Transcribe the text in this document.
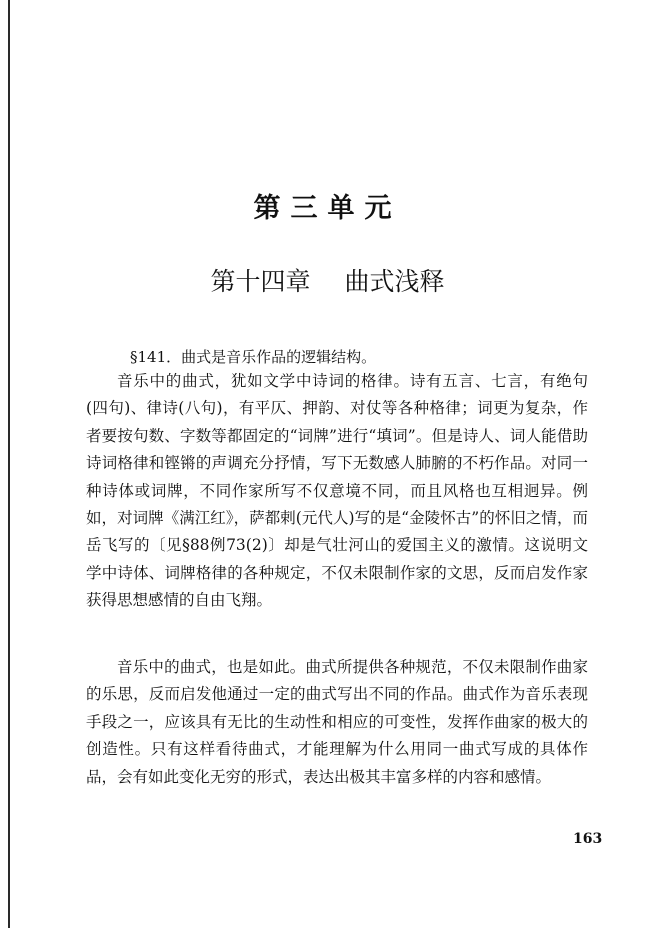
第三单元
第十四章 曲式浅释
§141．曲式是音乐作品的逻辑结构。

音乐中的曲式，犹如文学中诗词的格律。诗有五言、七言，有绝句(四句)、律诗(八句)，有平仄、押韵、对仗等各种格律；词更为复杂，作者要按句数、字数等都固定的“词牌”进行“填词”。但是诗人、词人能借助诗词格律和铿锵的声调充分抒情，写下无数感人肺腑的不朽作品。对同一种诗体或词牌，不同作家所写不仅意境不同，而且风格也互相迥异。例如，对词牌《满江红》，萨都剌(元代人)写的是“金陵怀古”的怀旧之情，而岳飞写的〔见§88例73(2)〕却是气壮河山的爱国主义的激情。这说明文学中诗体、词牌格律的各种规定，不仅未限制作家的文思，反而启发作家获得思想感情的自由飞翔。

音乐中的曲式，也是如此。曲式所提供各种规范，不仅未限制作曲家的乐思，反而启发他通过一定的曲式写出不同的作品。曲式作为音乐表现手段之一，应该具有无比的生动性和相应的可变性，发挥作曲家的极大的创造性。只有这样看待曲式，才能理解为什么用同一曲式写成的具体作品，会有如此变化无穷的形式，表达出极其丰富多样的内容和感情。

163
